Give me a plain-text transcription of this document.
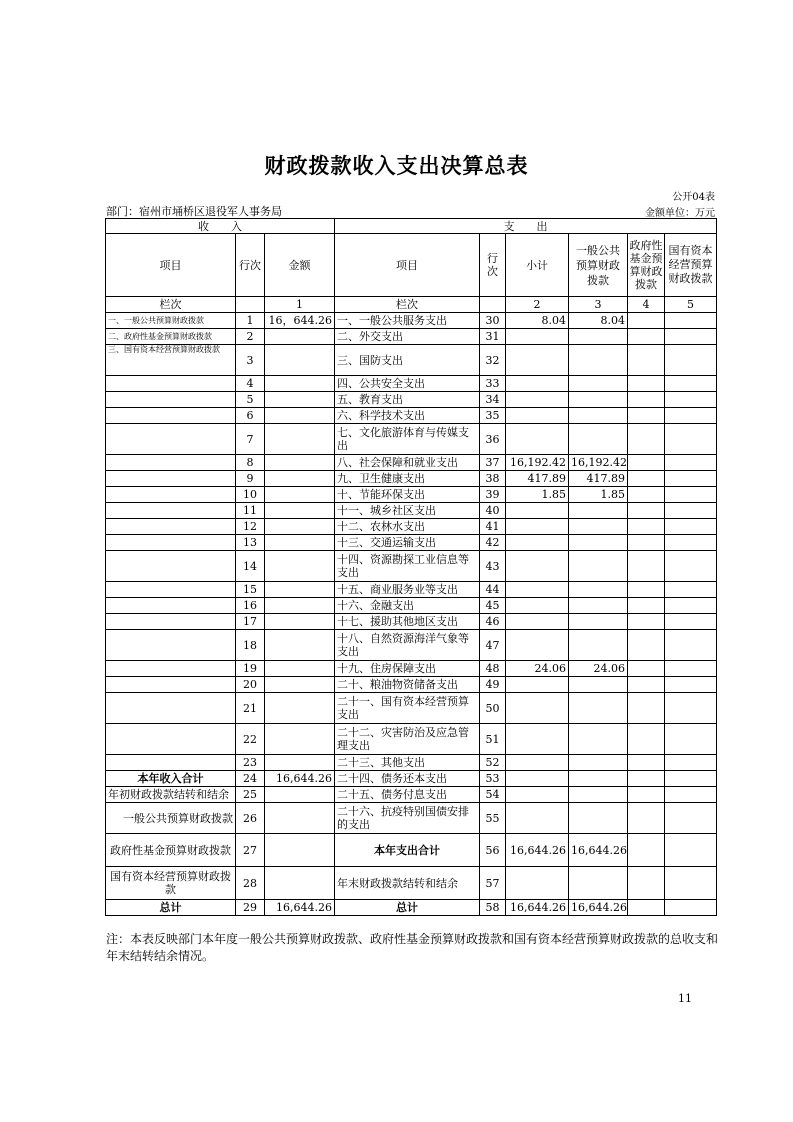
财政拨款收入支出决算总表
公开04表
部门：宿州市埇桥区退役军人事务局	金额单位：万元
收　　入			支　　出					
项目	行次	金额	项目	行次	小计	一般公共预算财政拨款	政府性基金预算财政拨款	国有资本经营预算财政拨款
栏次		1	栏次		2	3	4	5
一、一般公共预算财政拨款	1	16，644.26	一、一般公共服务支出	30	8.04	8.04		
二、政府性基金预算财政拨款	2		二、外交支出	31				
三、国有资本经营预算财政拨款	3		三、国防支出	32				
	4		四、公共安全支出	33				
	5		五、教育支出	34				
	6		六、科学技术支出	35				
	7		七、文化旅游体育与传媒支出	36				
	8		八、社会保障和就业支出	37	16,192.42	16,192.42		
	9		九、卫生健康支出	38	417.89	417.89		
	10		十、节能环保支出	39	1.85	1.85		
	11		十一、城乡社区支出	40				
	12		十二、农林水支出	41				
	13		十三、交通运输支出	42				
	14		十四、资源勘探工业信息等支出	43				
	15		十五、商业服务业等支出	44				
	16		十六、金融支出	45				
	17		十七、援助其他地区支出	46				
	18		十八、自然资源海洋气象等支出	47				
	19		十九、住房保障支出	48	24.06	24.06		
	20		二十、粮油物资储备支出	49				
	21		二十一、国有资本经营预算支出	50				
	22		二十二、灾害防治及应急管理支出	51				
	23		二十三、其他支出	52				
本年收入合计	24	16,644.26	二十四、债务还本支出	53				
年初财政拨款结转和结余	25		二十五、债务付息支出	54				
一般公共预算财政拨款	26		二十六、抗疫特别国债安排的支出	55				
政府性基金预算财政拨款	27		本年支出合计	56	16,644.26	16,644.26		
国有资本经营预算财政拨款	28		年末财政拨款结转和结余	57				
总计	29	16,644.26	总计	58	16,644.26	16,644.26		
注：本表反映部门本年度一般公共预算财政拨款、政府性基金预算财政拨款和国有资本经营预算财政拨款的总收支和年末结转结余情况。
11
